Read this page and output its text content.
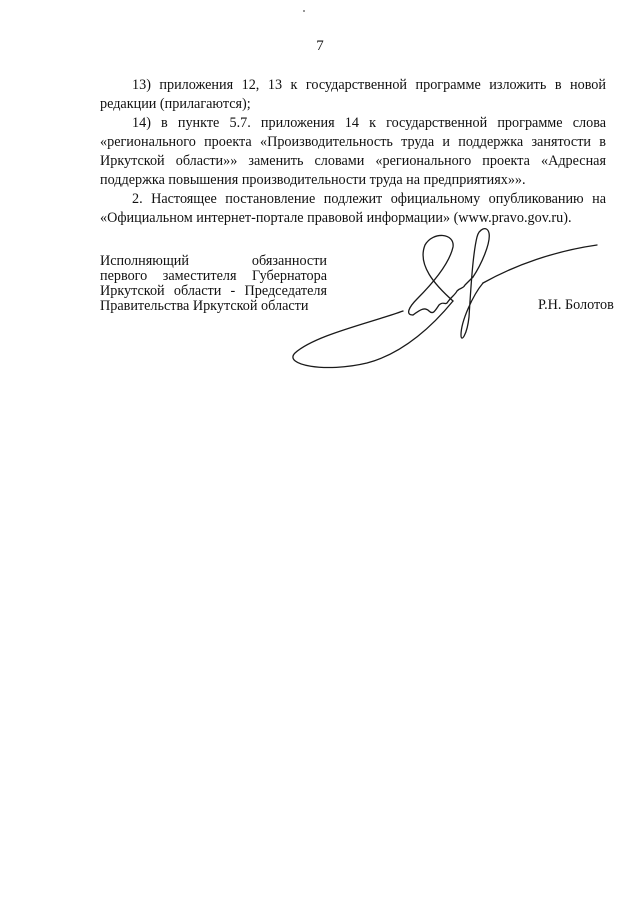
7

13) приложения 12, 13 к государственной программе изложить в новой редакции (прилагаются);

14) в пункте 5.7. приложения 14 к государственной программе слова «регионального проекта «Производительность труда и поддержка занятости в Иркутской области»» заменить словами «регионального проекта «Адресная поддержка повышения производительности труда на предприятиях»».

2. Настоящее постановление подлежит официальному опубликованию на «Официальном интернет-портале правовой информации» (www.pravo.gov.ru).

Исполняющий обязанности
первого заместителя Губернатора
Иркутской области - Председателя
Правительства Иркутской области	Р.Н. Болотов
